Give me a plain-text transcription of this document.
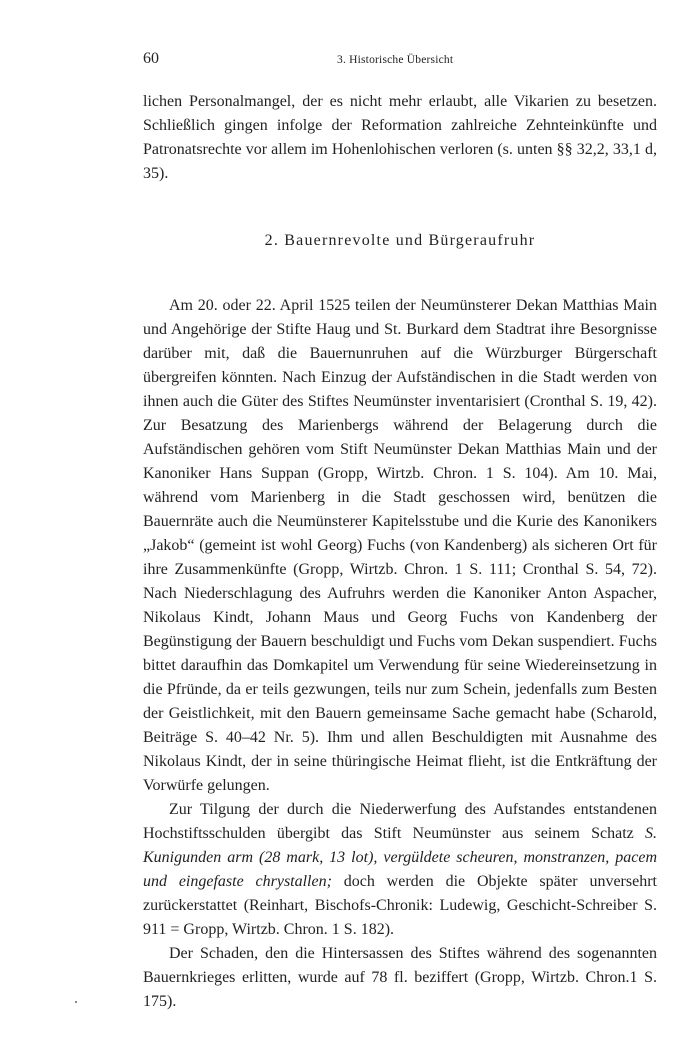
60	3. Historische Übersicht

lichen Personalmangel, der es nicht mehr erlaubt, alle Vikarien zu besetzen. Schließlich gingen infolge der Reformation zahlreiche Zehnteinkünfte und Patronatsrechte vor allem im Hohenlohischen verloren (s. unten §§ 32,2, 33,1 d, 35).

2. Bauernrevolte und Bürgeraufruhr

Am 20. oder 22. April 1525 teilen der Neumünsterer Dekan Matthias Main und Angehörige der Stifte Haug und St. Burkard dem Stadtrat ihre Besorgnisse darüber mit, daß die Bauernunruhen auf die Würzburger Bürgerschaft übergreifen könnten. Nach Einzug der Aufständischen in die Stadt werden von ihnen auch die Güter des Stiftes Neumünster inventarisiert (Cronthal S. 19, 42). Zur Besatzung des Marienbergs während der Belagerung durch die Aufständischen gehören vom Stift Neumünster Dekan Matthias Main und der Kanoniker Hans Suppan (Gropp, Wirtzb. Chron. 1 S. 104). Am 10. Mai, während vom Marienberg in die Stadt geschossen wird, benützen die Bauernräte auch die Neumünsterer Kapitelsstube und die Kurie des Kanonikers „Jakob“ (gemeint ist wohl Georg) Fuchs (von Kandenberg) als sicheren Ort für ihre Zusammenkünfte (Gropp, Wirtzb. Chron. 1 S. 111; Cronthal S. 54, 72). Nach Niederschlagung des Aufruhrs werden die Kanoniker Anton Aspacher, Nikolaus Kindt, Johann Maus und Georg Fuchs von Kandenberg der Begünstigung der Bauern beschuldigt und Fuchs vom Dekan suspendiert. Fuchs bittet daraufhin das Domkapitel um Verwendung für seine Wiedereinsetzung in die Pfründe, da er teils gezwungen, teils nur zum Schein, jedenfalls zum Besten der Geistlichkeit, mit den Bauern gemeinsame Sache gemacht habe (Scharold, Beiträge S. 40–42 Nr. 5). Ihm und allen Beschuldigten mit Ausnahme des Nikolaus Kindt, der in seine thüringische Heimat flieht, ist die Entkräftung der Vorwürfe gelungen.

Zur Tilgung der durch die Niederwerfung des Aufstandes entstandenen Hochstiftsschulden übergibt das Stift Neumünster aus seinem Schatz S. Kunigunden arm (28 mark, 13 lot), vergüldete scheuren, monstranzen, pacem und eingefaste chrystallen; doch werden die Objekte später unversehrt zurückerstattet (Reinhart, Bischofs-Chronik: Ludewig, Geschicht-Schreiber S. 911 = Gropp, Wirtzb. Chron. 1 S. 182).

Der Schaden, den die Hintersassen des Stiftes während des sogenannten Bauernkrieges erlitten, wurde auf 78 fl. beziffert (Gropp, Wirtzb. Chron.1 S. 175).
